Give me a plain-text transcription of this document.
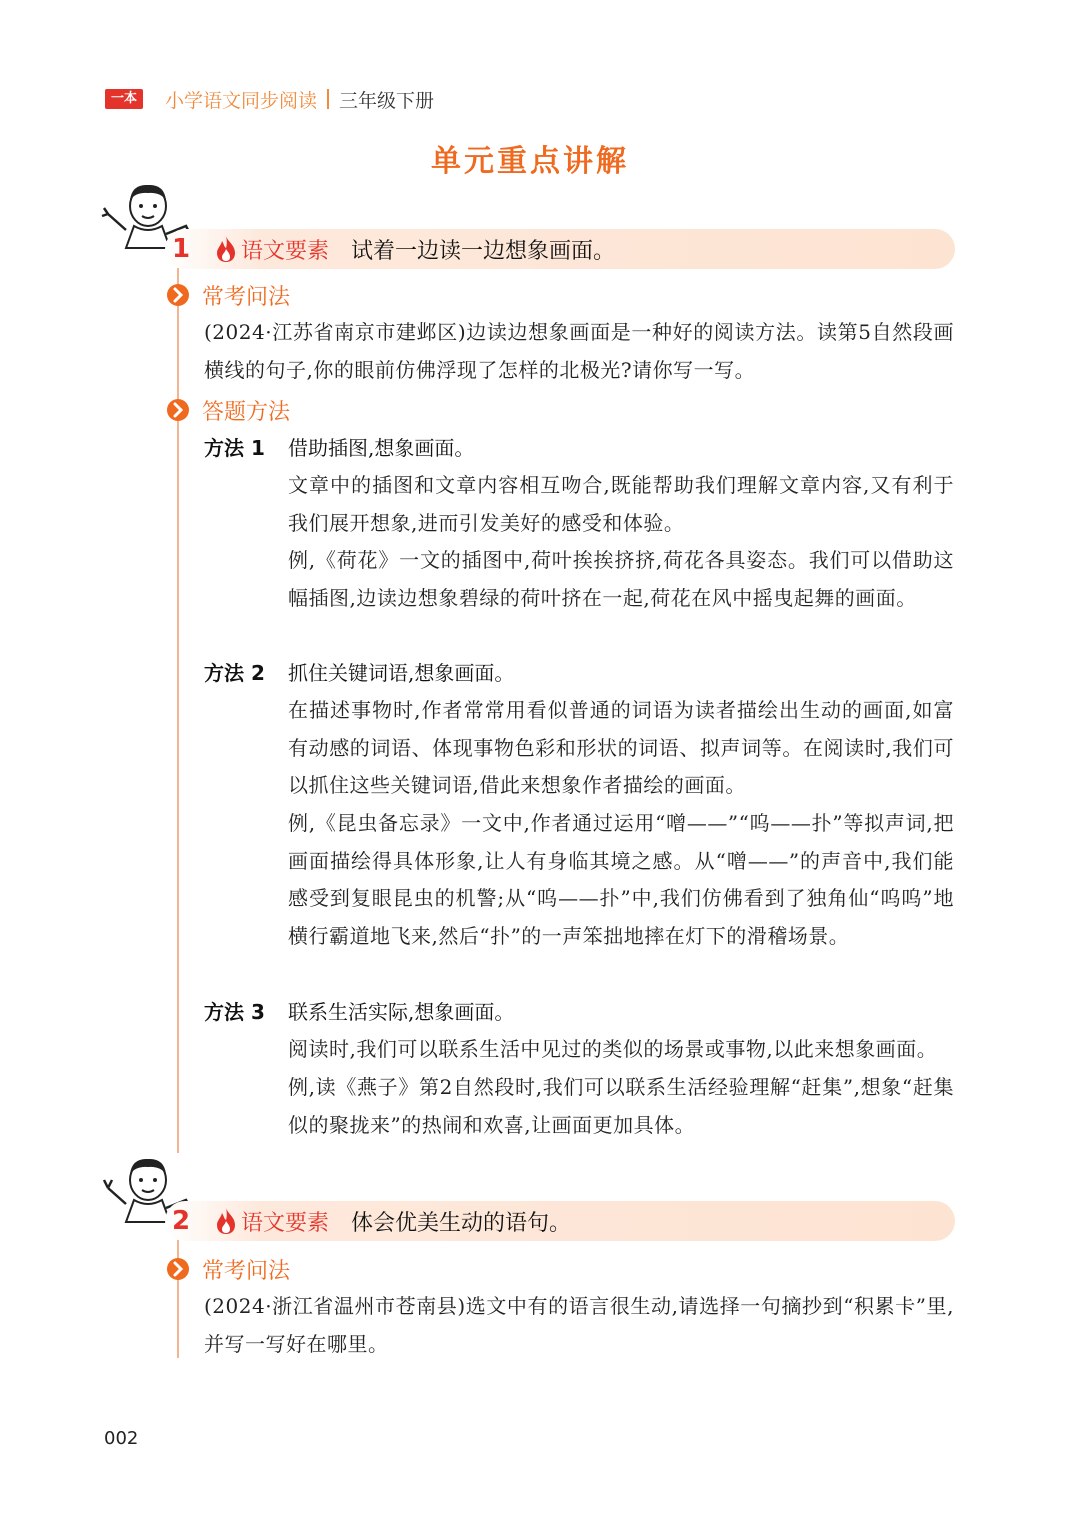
一本	小学语文同步阅读 三年级下册
单元重点讲解
1	语文要素 试着一边读一边想象画面。
常考问法
(2024·江苏省南京市建邺区)边读边想象画面是一种好的阅读方法。读第5自然段画横线的句子,你的眼前仿佛浮现了怎样的北极光?请你写一写。
答题方法
方法 1 借助插图,想象画面。
文章中的插图和文章内容相互吻合,既能帮助我们理解文章内容,又有利于我们展开想象,进而引发美好的感受和体验。
例,《荷花》一文的插图中,荷叶挨挨挤挤,荷花各具姿态。我们可以借助这幅插图,边读边想象碧绿的荷叶挤在一起,荷花在风中摇曳起舞的画面。
方法 2 抓住关键词语,想象画面。
在描述事物时,作者常常用看似普通的词语为读者描绘出生动的画面,如富有动感的词语、体现事物色彩和形状的词语、拟声词等。在阅读时,我们可以抓住这些关键词语,借此来想象作者描绘的画面。
例,《昆虫备忘录》一文中,作者通过运用“噌——”“呜——扑”等拟声词,把画面描绘得具体形象,让人有身临其境之感。从“噌——”的声音中,我们能感受到复眼昆虫的机警;从“呜——扑”中,我们仿佛看到了独角仙“呜呜”地横行霸道地飞来,然后“扑”的一声笨拙地摔在灯下的滑稽场景。
方法 3 联系生活实际,想象画面。
阅读时,我们可以联系生活中见过的类似的场景或事物,以此来想象画面。
例,读《燕子》第2自然段时,我们可以联系生活经验理解“赶集”,想象“赶集似的聚拢来”的热闹和欢喜,让画面更加具体。
2	语文要素 体会优美生动的语句。
常考问法
(2024·浙江省温州市苍南县)选文中有的语言很生动,请选择一句摘抄到“积累卡”里,并写一写好在哪里。
002
